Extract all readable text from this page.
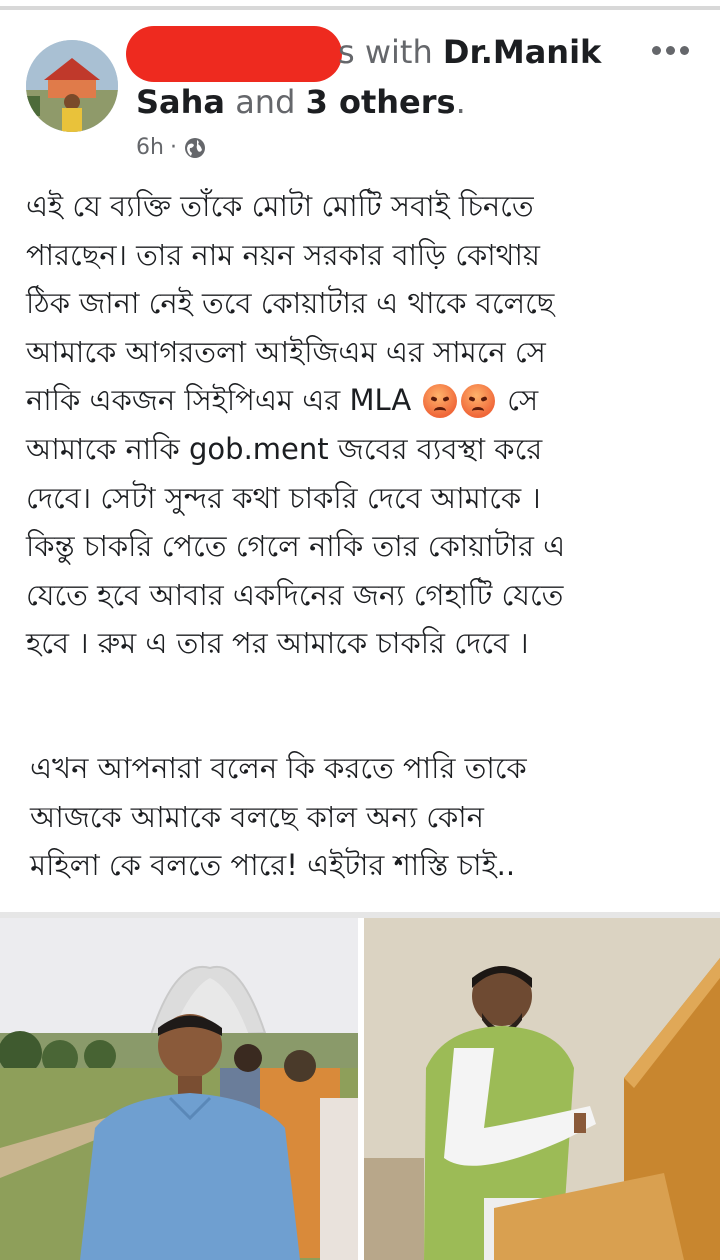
s with Dr.Manik
Saha and 3 others.
6h ·
এই যে ব্যক্তি তাঁকে মোটা মোটি সবাই চিনতে
পারছেন। তার নাম নয়ন সরকার বাড়ি কোথায়
ঠিক জানা নেই তবে কোয়াটার এ থাকে বলেছে
আমাকে আগরতলা আইজিএম এর সামনে সে
নাকি একজন সিইপিএম এর MLA	সে
আমাকে নাকি gob.ment জবের ব্যবস্থা করে
দেবে। সেটা সুন্দর কথা চাকরি দেবে আমাকে ।
কিন্তু চাকরি পেতে গেলে নাকি তার কোয়াটার এ
যেতে হবে আবার একদিনের জন্য গেহাটি যেতে
হবে । রুম এ তার পর আমাকে চাকরি দেবে ।
এখন আপনারা বলেন কি করতে পারি তাকে
আজকে আমাকে বলছে কাল অন্য কোন
মহিলা কে বলতে পারে! এইটার শাস্তি চাই..
